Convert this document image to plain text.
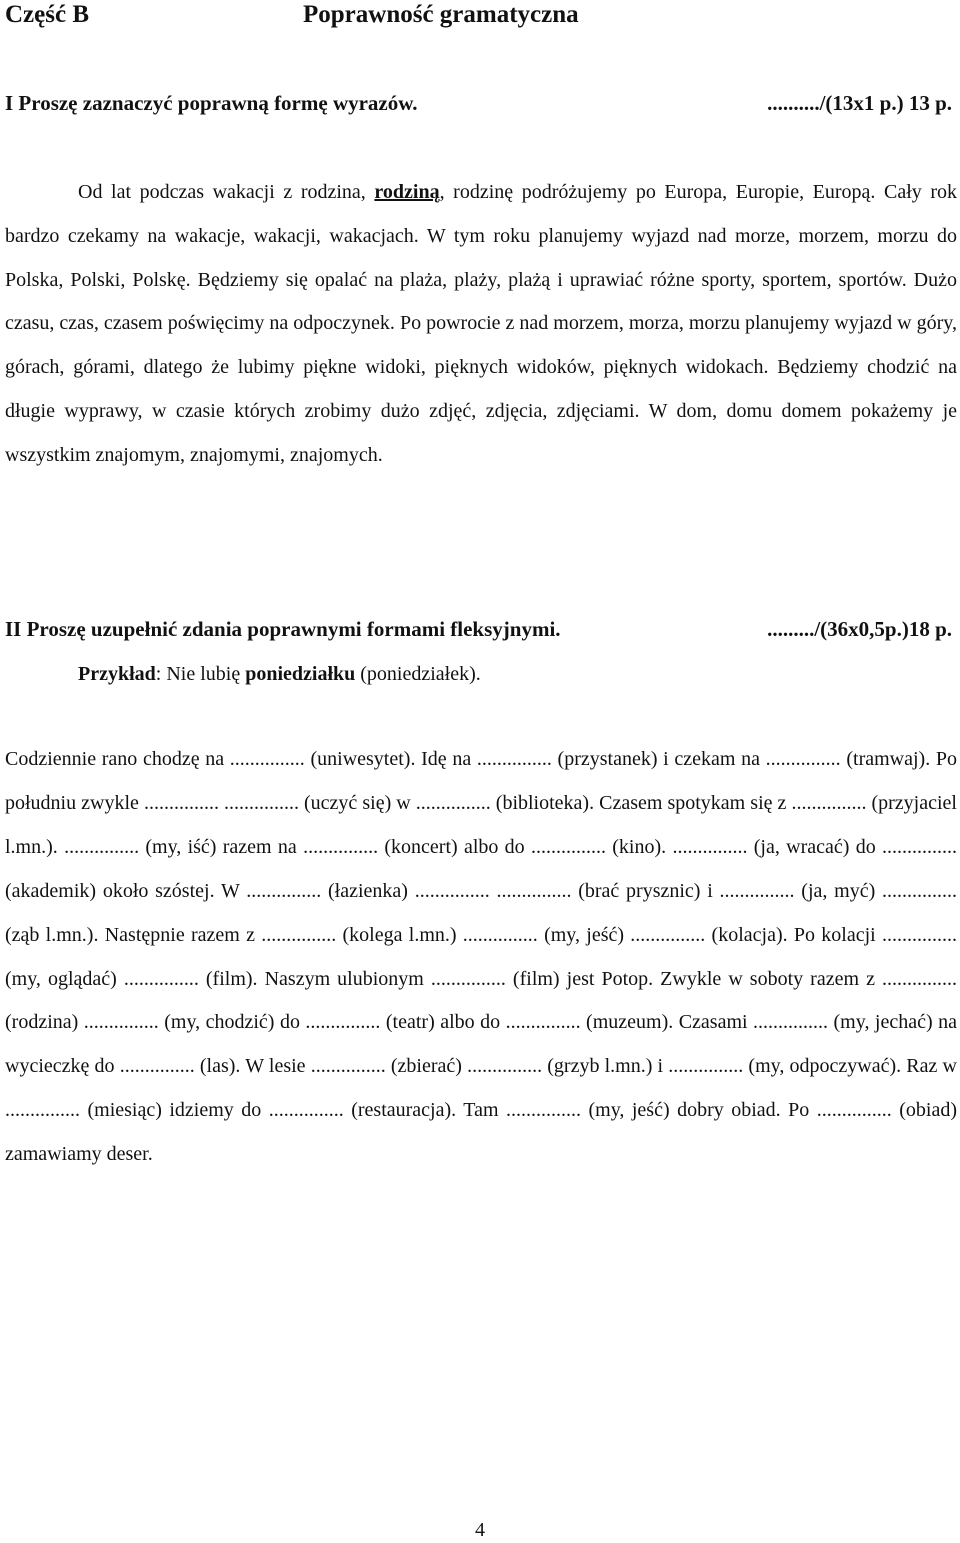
Część B	Poprawność gramatyczna
I Proszę zaznaczyć poprawną formę wyrazów.	........../(13x1 p.) 13 p.

Od lat podczas wakacji z rodzina, rodziną, rodzinę podróżujemy po Europa, Europie, Europą. Cały rok bardzo czekamy na wakacje, wakacji, wakacjach. W tym roku planujemy wyjazd nad morze, morzem, morzu do Polska, Polski, Polskę. Będziemy się opalać na plaża, plaży, plażą i uprawiać różne sporty, sportem, sportów. Dużo czasu, czas, czasem poświęcimy na odpoczynek. Po powrocie z nad morzem, morza, morzu planujemy wyjazd w góry, górach, górami, dlatego że lubimy piękne widoki, pięknych widoków, pięknych widokach. Będziemy chodzić na długie wyprawy, w czasie których zrobimy dużo zdjęć, zdjęcia, zdjęciami. W dom, domu domem pokażemy je wszystkim znajomym, znajomymi, znajomych.

II Proszę uzupełnić zdania poprawnymi formami fleksyjnymi.	........./(36x0,5p.)18 p.
Przykład: Nie lubię poniedziałku (poniedziałek).

Codziennie rano chodzę na ............... (uniwesytet). Idę na ............... (przystanek) i czekam na ............... (tramwaj). Po południu zwykle ............... ............... (uczyć się) w ............... (biblioteka). Czasem spotykam się z ............... (przyjaciel l.mn.). ............... (my, iść) razem na ............... (koncert) albo do ............... (kino). ............... (ja, wracać) do ............... (akademik) około szóstej. W ............... (łazienka) ............... ............... (brać prysznic) i ............... (ja, myć) ............... (ząb l.mn.). Następnie razem z ............... (kolega l.mn.) ............... (my, jeść) ............... (kolacja). Po kolacji ............... (my, oglądać) ............... (film). Naszym ulubionym ............... (film) jest Potop. Zwykle w soboty razem z ............... (rodzina) ............... (my, chodzić) do ............... (teatr) albo do ............... (muzeum). Czasami ............... (my, jechać) na wycieczkę do ............... (las). W lesie ............... (zbierać) ............... (grzyb l.mn.) i ............... (my, odpoczywać). Raz w ............... (miesiąc) idziemy do ............... (restauracja). Tam ............... (my, jeść) dobry obiad. Po ............... (obiad) zamawiamy deser.

4
